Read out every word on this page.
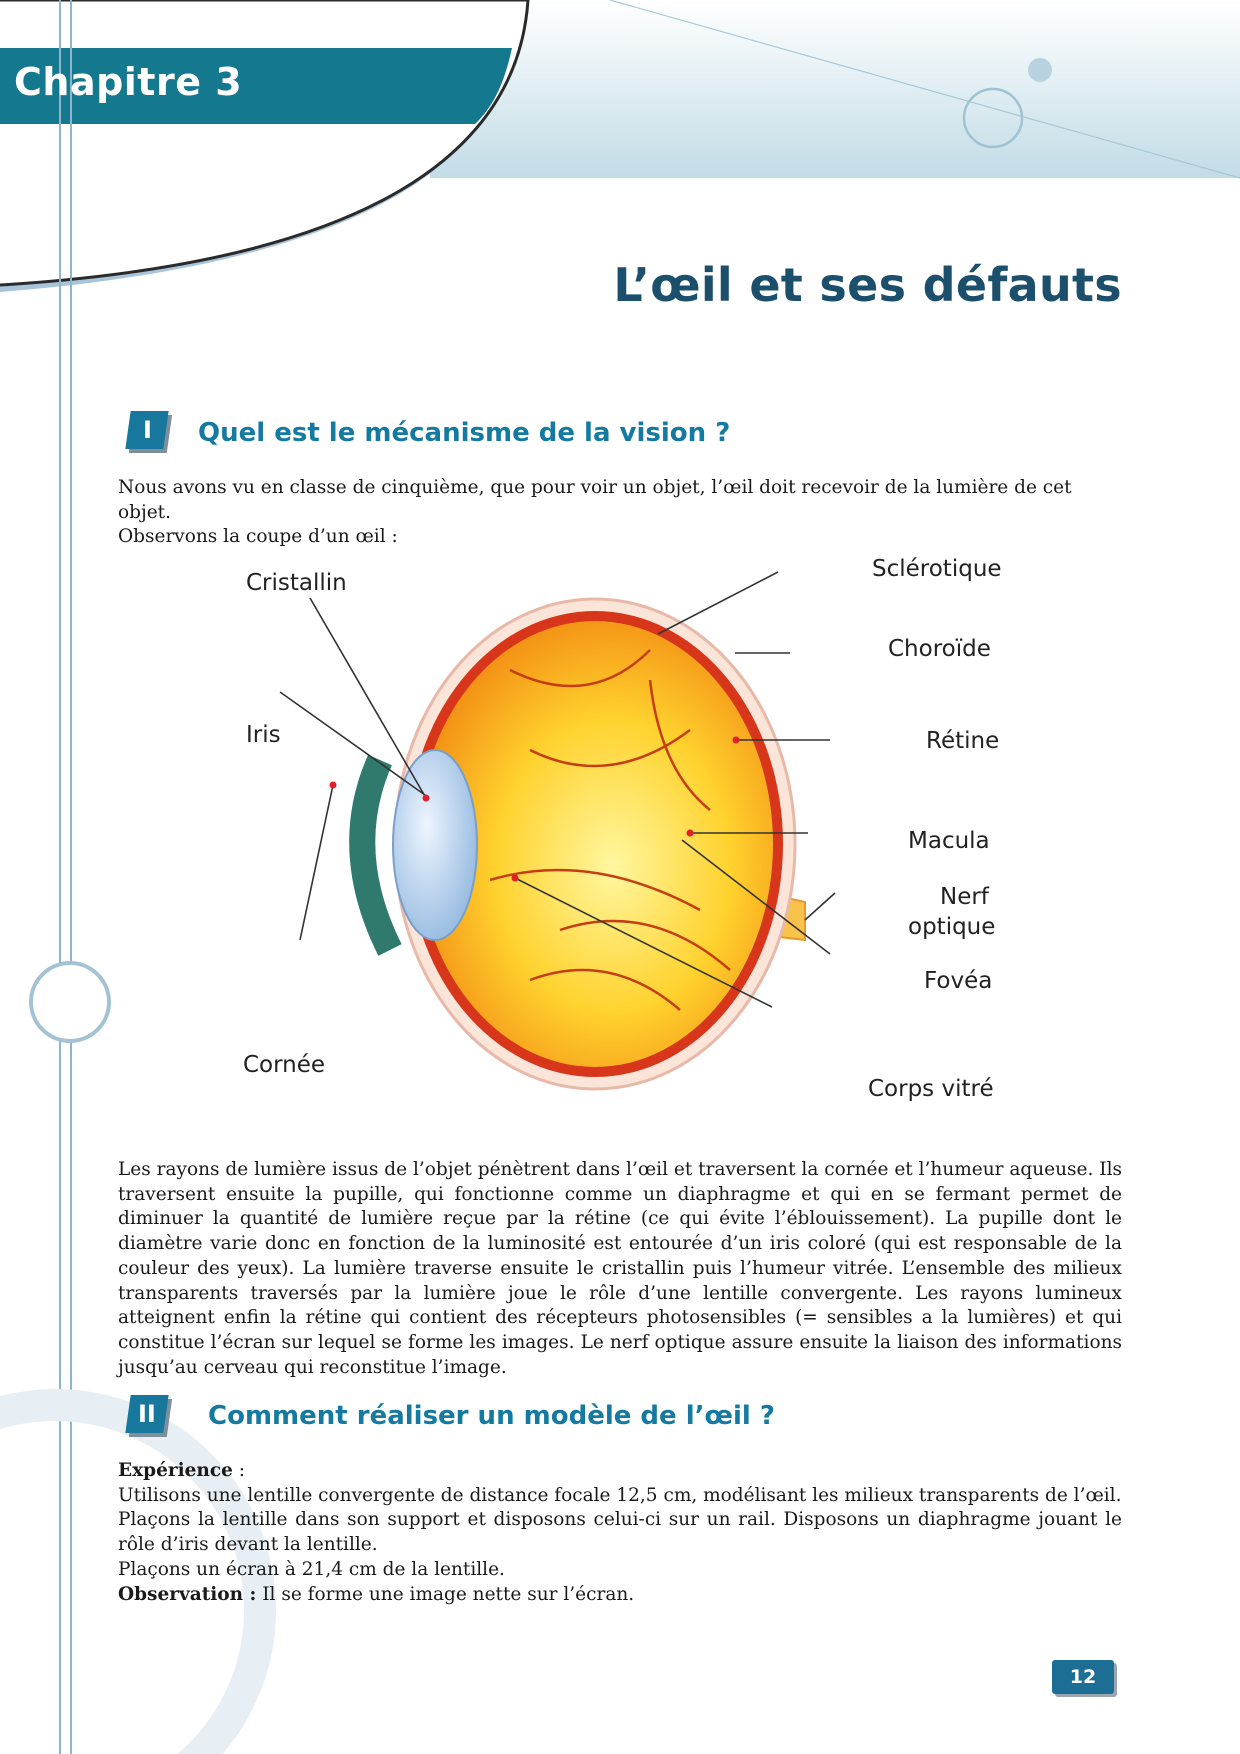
Chapitre 3
L’œil et ses défauts
I Quel est le mécanisme de la vision ?

Nous avons vu en classe de cinquième, que pour voir un objet, l’œil doit recevoir de la lumière de cet objet.

Observons la coupe d’un œil :

Cristallin
Iris
Cornée
Sclérotique
Choroïde
Rétine
Macula
Nerf
optique
Fovéa
Corps vitré

Les rayons de lumière issus de l’objet pénètrent dans l’œil et traversent la cornée et l’humeur aqueuse. Ils traversent ensuite la pupille, qui fonctionne comme un diaphragme et qui en se fermant permet de diminuer la quantité de lumière reçue par la rétine (ce qui évite l’éblouissement). La pupille dont le diamètre varie donc en fonction de la luminosité est entourée d’un iris coloré (qui est responsable de la couleur des yeux). La lumière traverse ensuite le cristallin puis l’humeur vitrée. L’ensemble des milieux transparents traversés par la lumière joue le rôle d’une lentille convergente. Les rayons lumineux atteignent enfin la rétine qui contient des récepteurs photosensibles (= sensibles a la lumières) et qui constitue l’écran sur lequel se forme les images. Le nerf optique assure ensuite la liaison des informations jusqu’au cerveau qui reconstitue l’image.

II Comment réaliser un modèle de l’œil ?

Expérience :

Utilisons une lentille convergente de distance focale 12,5 cm, modélisant les milieux transparents de l’œil.

Plaçons la lentille dans son support et disposons celui-ci sur un rail. Disposons un diaphragme jouant le rôle d’iris devant la lentille.

Plaçons un écran à 21,4 cm de la lentille.

Observation : Il se forme une image nette sur l’écran.

12
